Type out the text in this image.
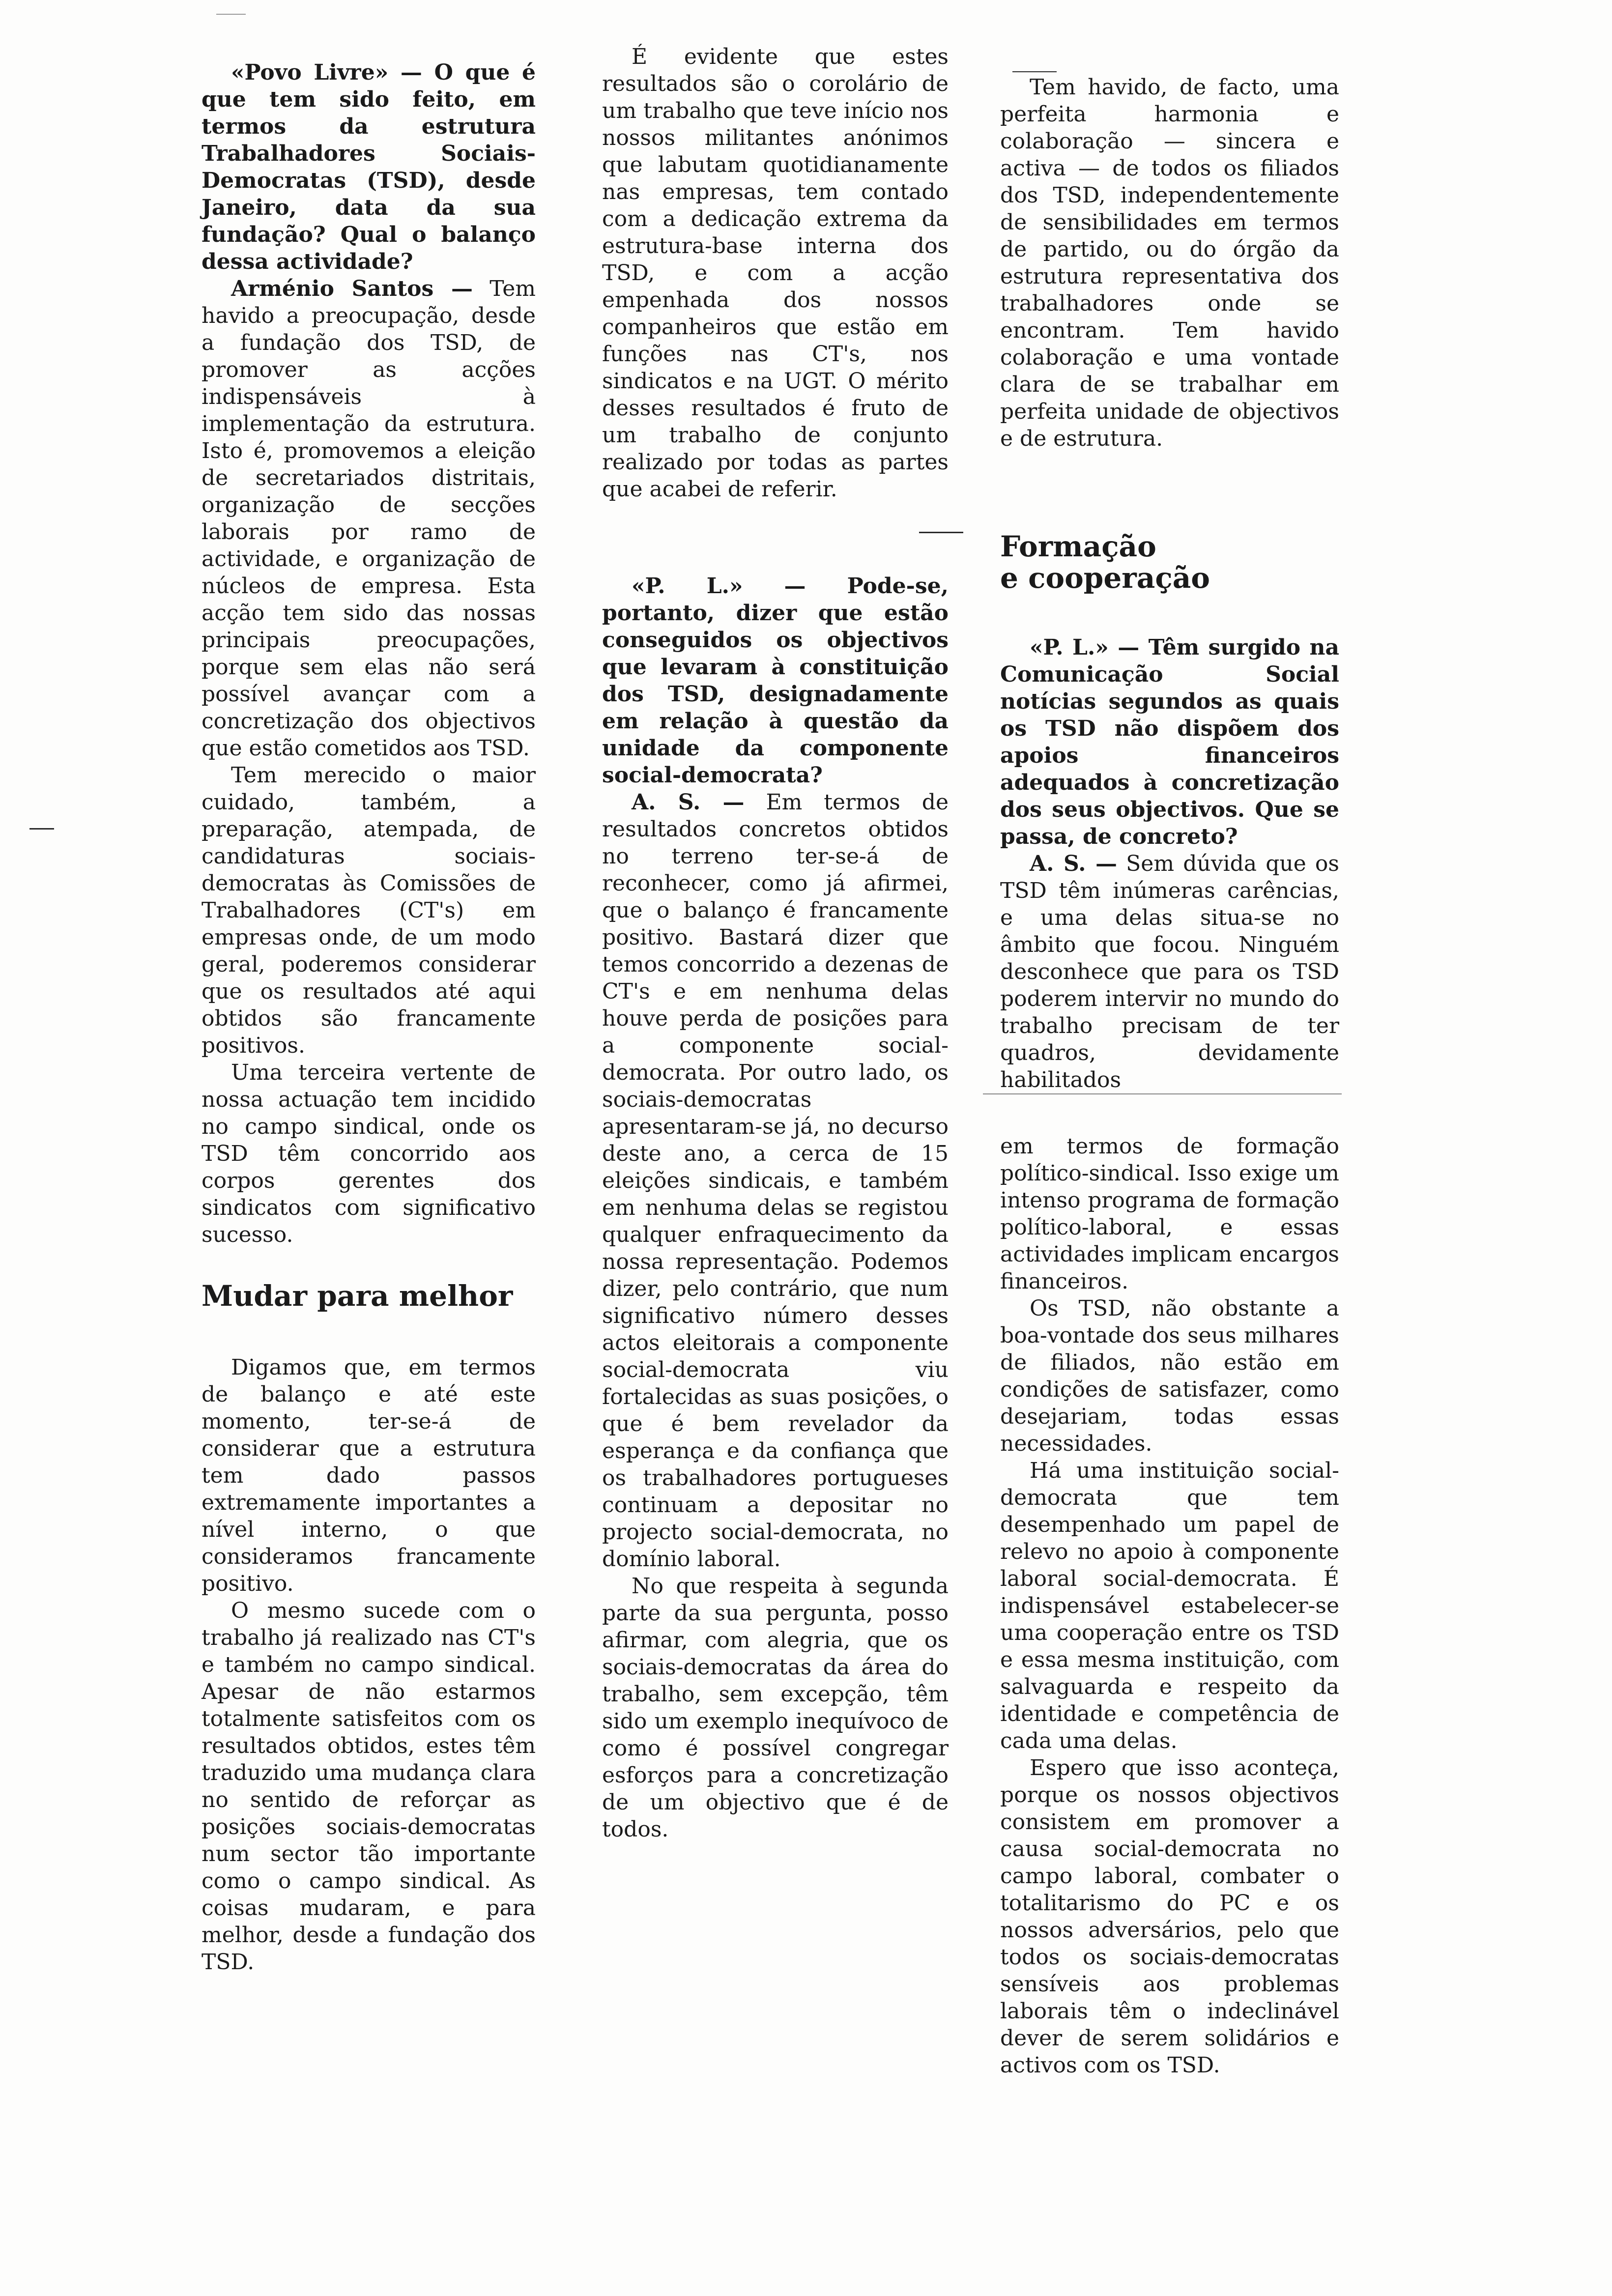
«Povo Livre» — O que é que tem sido feito, em termos da estrutura Trabalhadores Sociais-Democratas (TSD), desde Janeiro, data da sua fundação? Qual o balanço dessa actividade?

Arménio Santos — Tem havido a preocupação, desde a fundação dos TSD, de promover as acções indispensáveis à implementação da estrutura. Isto é, promovemos a eleição de secretariados distritais, organização de secções laborais por ramo de actividade, e organização de núcleos de empresa. Esta acção tem sido das nossas principais preocupações, porque sem elas não será possível avançar com a concretização dos objectivos que estão cometidos aos TSD.

Tem merecido o maior cuidado, também, a preparação, atempada, de candidaturas sociais-democratas às Comissões de Trabalhadores (CT's) em empresas onde, de um modo geral, poderemos considerar que os resultados até aqui obtidos são francamente positivos.

Uma terceira vertente de nossa actuação tem incidido no campo sindical, onde os TSD têm concorrido aos corpos gerentes dos sindicatos com significativo sucesso.

Mudar para melhor

Digamos que, em termos de balanço e até este momento, ter-se-á de considerar que a estrutura tem dado passos extremamente importantes a nível interno, o que consideramos francamente positivo.

O mesmo sucede com o trabalho já realizado nas CT's e também no campo sindical. Apesar de não estarmos totalmente satisfeitos com os resultados obtidos, estes têm traduzido uma mudança clara no sentido de reforçar as posições sociais-democratas num sector tão importante como o campo sindical. As coisas mudaram, e para melhor, desde a fundação dos TSD.

É evidente que estes resultados são o corolário de um trabalho que teve início nos nossos militantes anónimos que labutam quotidianamente nas empresas, tem contado com a dedicação extrema da estrutura-base interna dos TSD, e com a acção empenhada dos nossos companheiros que estão em funções nas CT's, nos sindicatos e na UGT. O mérito desses resultados é fruto de um trabalho de conjunto realizado por todas as partes que acabei de referir.

«P. L.» — Pode-se, portanto, dizer que estão conseguidos os objectivos que levaram à constituição dos TSD, designadamente em relação à questão da unidade da componente social-democrata?

A. S. — Em termos de resultados concretos obtidos no terreno ter-se-á de reconhecer, como já afirmei, que o balanço é francamente positivo. Bastará dizer que temos concorrido a dezenas de CT's e em nenhuma delas houve perda de posições para a componente social-democrata. Por outro lado, os sociais-democratas apresentaram-se já, no decurso deste ano, a cerca de 15 eleições sindicais, e também em nenhuma delas se registou qualquer enfraquecimento da nossa representação. Podemos dizer, pelo contrário, que num significativo número desses actos eleitorais a componente social-democrata viu fortalecidas as suas posições, o que é bem revelador da esperança e da confiança que os trabalhadores portugueses continuam a depositar no projecto social-democrata, no domínio laboral.

No que respeita à segunda parte da sua pergunta, posso afirmar, com alegria, que os sociais-democratas da área do trabalho, sem excepção, têm sido um exemplo inequívoco de como é possível congregar esforços para a concretização de um objectivo que é de todos.

Tem havido, de facto, uma perfeita harmonia e colaboração — sincera e activa — de todos os filiados dos TSD, independentemente de sensibilidades em termos de partido, ou do órgão da estrutura representativa dos trabalhadores onde se encontram. Tem havido colaboração e uma vontade clara de se trabalhar em perfeita unidade de objectivos e de estrutura.

Formação
e cooperação

«P. L.» — Têm surgido na Comunicação Social notícias segundos as quais os TSD não dispõem dos apoios financeiros adequados à concretização dos seus objectivos. Que se passa, de concreto?

A. S. — Sem dúvida que os TSD têm inúmeras carências, e uma delas situa-se no âmbito que focou. Ninguém desconhece que para os TSD poderem intervir no mundo do trabalho precisam de ter quadros, devidamente habilitados

em termos de formação político-sindical. Isso exige um intenso programa de formação político-laboral, e essas actividades implicam encargos financeiros.

Os TSD, não obstante a boa-vontade dos seus milhares de filiados, não estão em condições de satisfazer, como desejariam, todas essas necessidades.

Há uma instituição social-democrata que tem desempenhado um papel de relevo no apoio à componente laboral social-democrata. É indispensável estabelecer-se uma cooperação entre os TSD e essa mesma instituição, com salvaguarda e respeito da identidade e competência de cada uma delas.

Espero que isso aconteça, porque os nossos objectivos consistem em promover a causa social-democrata no campo laboral, combater o totalitarismo do PC e os nossos adversários, pelo que todos os sociais-democratas sensíveis aos problemas laborais têm o indeclinável dever de serem solidários e activos com os TSD.
